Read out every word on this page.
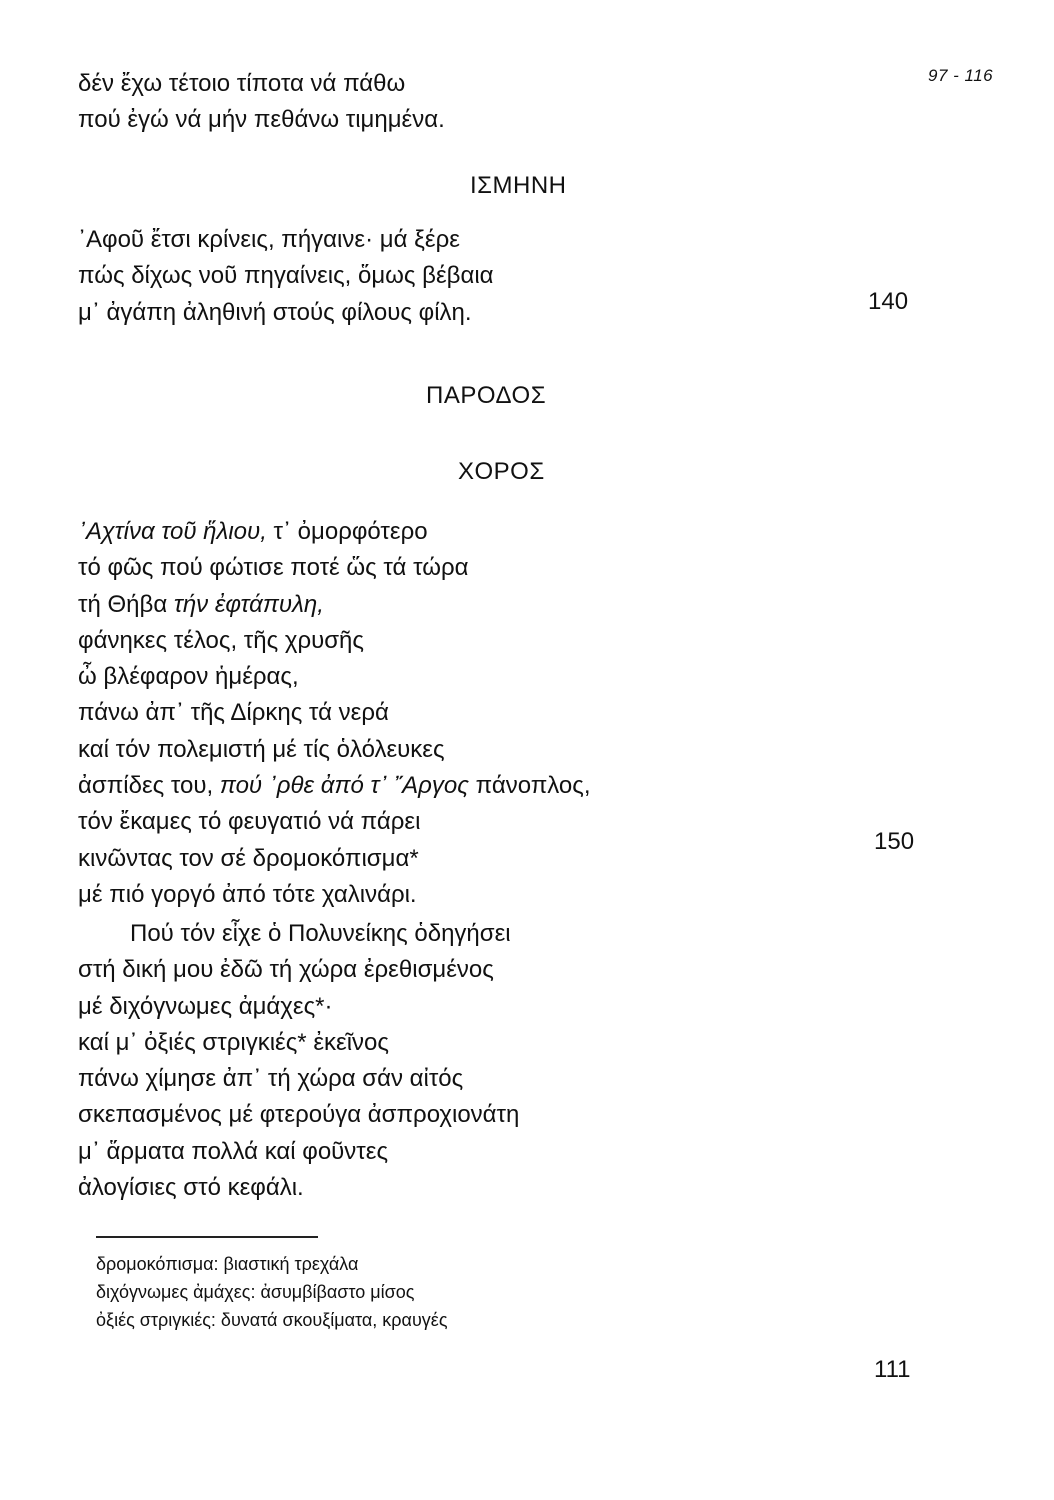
97 - 116
δέν ἔχω τέτοιο τίποτα νά πάθω
πού ἐγώ νά μήν πεθάνω τιμημένα.
ΙΣΜΗΝΗ
᾽Αφοῦ ἔτσι κρίνεις, πήγαινε· μά ξέρε
πώς δίχως νοῦ πηγαίνεις, ὅμως βέβαια
μ᾽ ἀγάπη ἀληθινή στούς φίλους φίλη.	140
ΠΑΡΟΔΟΣ
ΧΟΡΟΣ
᾽Αχτίνα τοῦ ἥλιου, τ᾽ ὀμορφότερο
τό φῶς πού φώτισε ποτέ ὥς τά τώρα
τή Θήβα τήν ἐφτάπυλη,
φάνηκες τέλος, τῆς χρυσῆς
ὦ βλέφαρον ἡμέρας,
πάνω ἀπ᾽ τῆς Δίρκης τά νερά
καί τόν πολεμιστή μέ τίς ὁλόλευκες
ἀσπίδες του, πού ᾽ρθε ἀπό τ᾽ ῎Αργος πάνοπλος,
τόν ἔκαμες τό φευγατιό νά πάρει
κινῶντας τον σέ δρομοκόπισμα*
μέ πιό γοργό ἀπό τότε χαλινάρι.
150
Πού τόν εἶχε ὁ Πολυνείκης ὁδηγήσει
στή δική μου ἐδῶ τή χώρα ἐρεθισμένος
μέ διχόγνωμες ἀμάχες*·
καί μ᾽ ὀξιές στριγκιές* ἐκεῖνος
πάνω χίμησε ἀπ᾽ τή χώρα σάν αἰτός
σκεπασμένος μέ φτερούγα ἀσπροχιονάτη
μ᾽ ἅρματα πολλά καί φοῦντες
ἀλογίσιες στό κεφάλι.
δρομοκόπισμα: βιαστική τρεχάλα
διχόγνωμες ἀμάχες: ἀσυμβίβαστο μίσος
ὀξιές στριγκιές: δυνατά σκουξίματα, κραυγές
111
